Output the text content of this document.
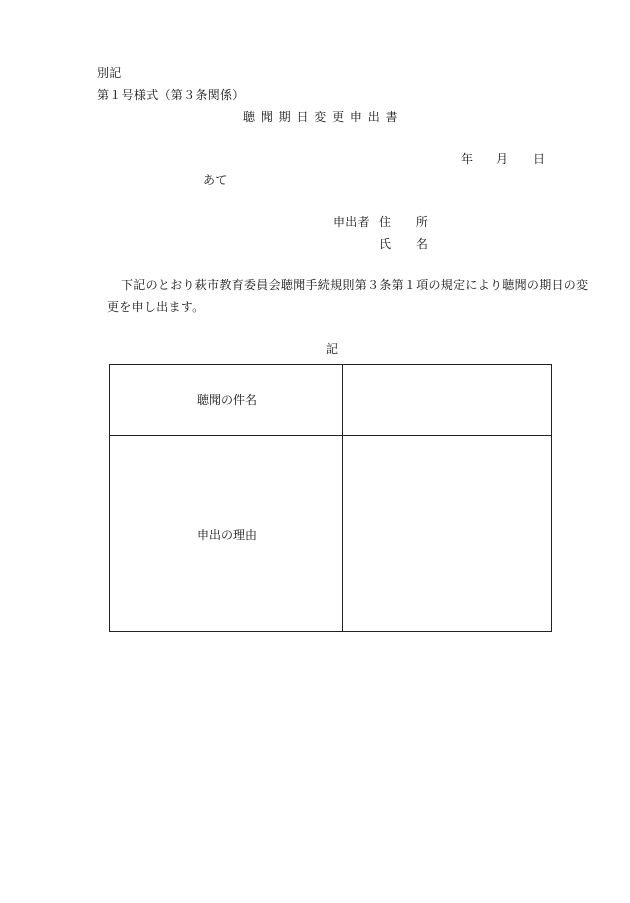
別記
第１号様式（第３条関係）
聴 聞 期 日 変 更 申 出 書
年 月 日
あて
申出者 住　　所
氏　　名
下記のとおり萩市教育委員会聴聞手続規則第３条第１項の規定により聴聞の期日の変
更を申し出ます。
記
聴聞の件名
申出の理由
